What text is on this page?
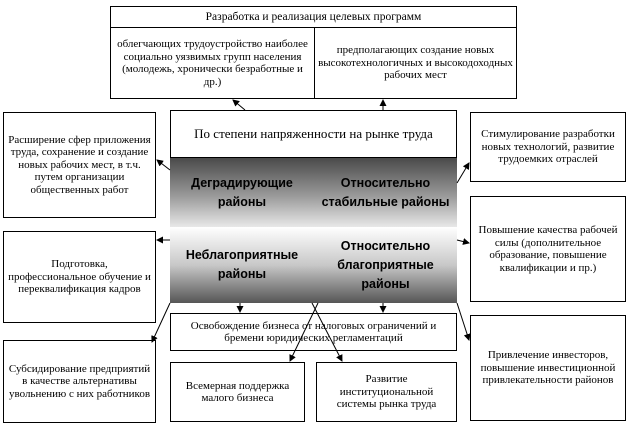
Разработка и реализация целевых программ
облегчающих трудоустройство наиболее социально уязвимых групп населения (молодежь, хронически безработные и др.)
предполагающих создание новых высокотехнологичных и высокодоходных рабочих мест
По степени напряженности на рынке труда
Деградирующие районы
Относительно стабильные районы
Неблагоприятные районы
Относительно благоприятные районы
Расширение сфер приложения труда, сохранение и создание новых рабочих мест, в т.ч. путем организации общественных работ
Подготовка, профессиональное обучение и переквалификация кадров
Субсидирование предприятий в качестве альтернативы увольнению с них работников
Стимулирование разработки новых технологий, развитие трудоемких отраслей
Повышение качества рабочей силы (дополнительное образование, повышение квалификации и пр.)
Привлечение инвесторов, повышение инвестиционной привлекательности районов
Освобождение бизнеса от налоговых ограничений и бремени юридических регламентаций
Всемерная поддержка малого бизнеса
Развитие институциональной системы рынка труда
